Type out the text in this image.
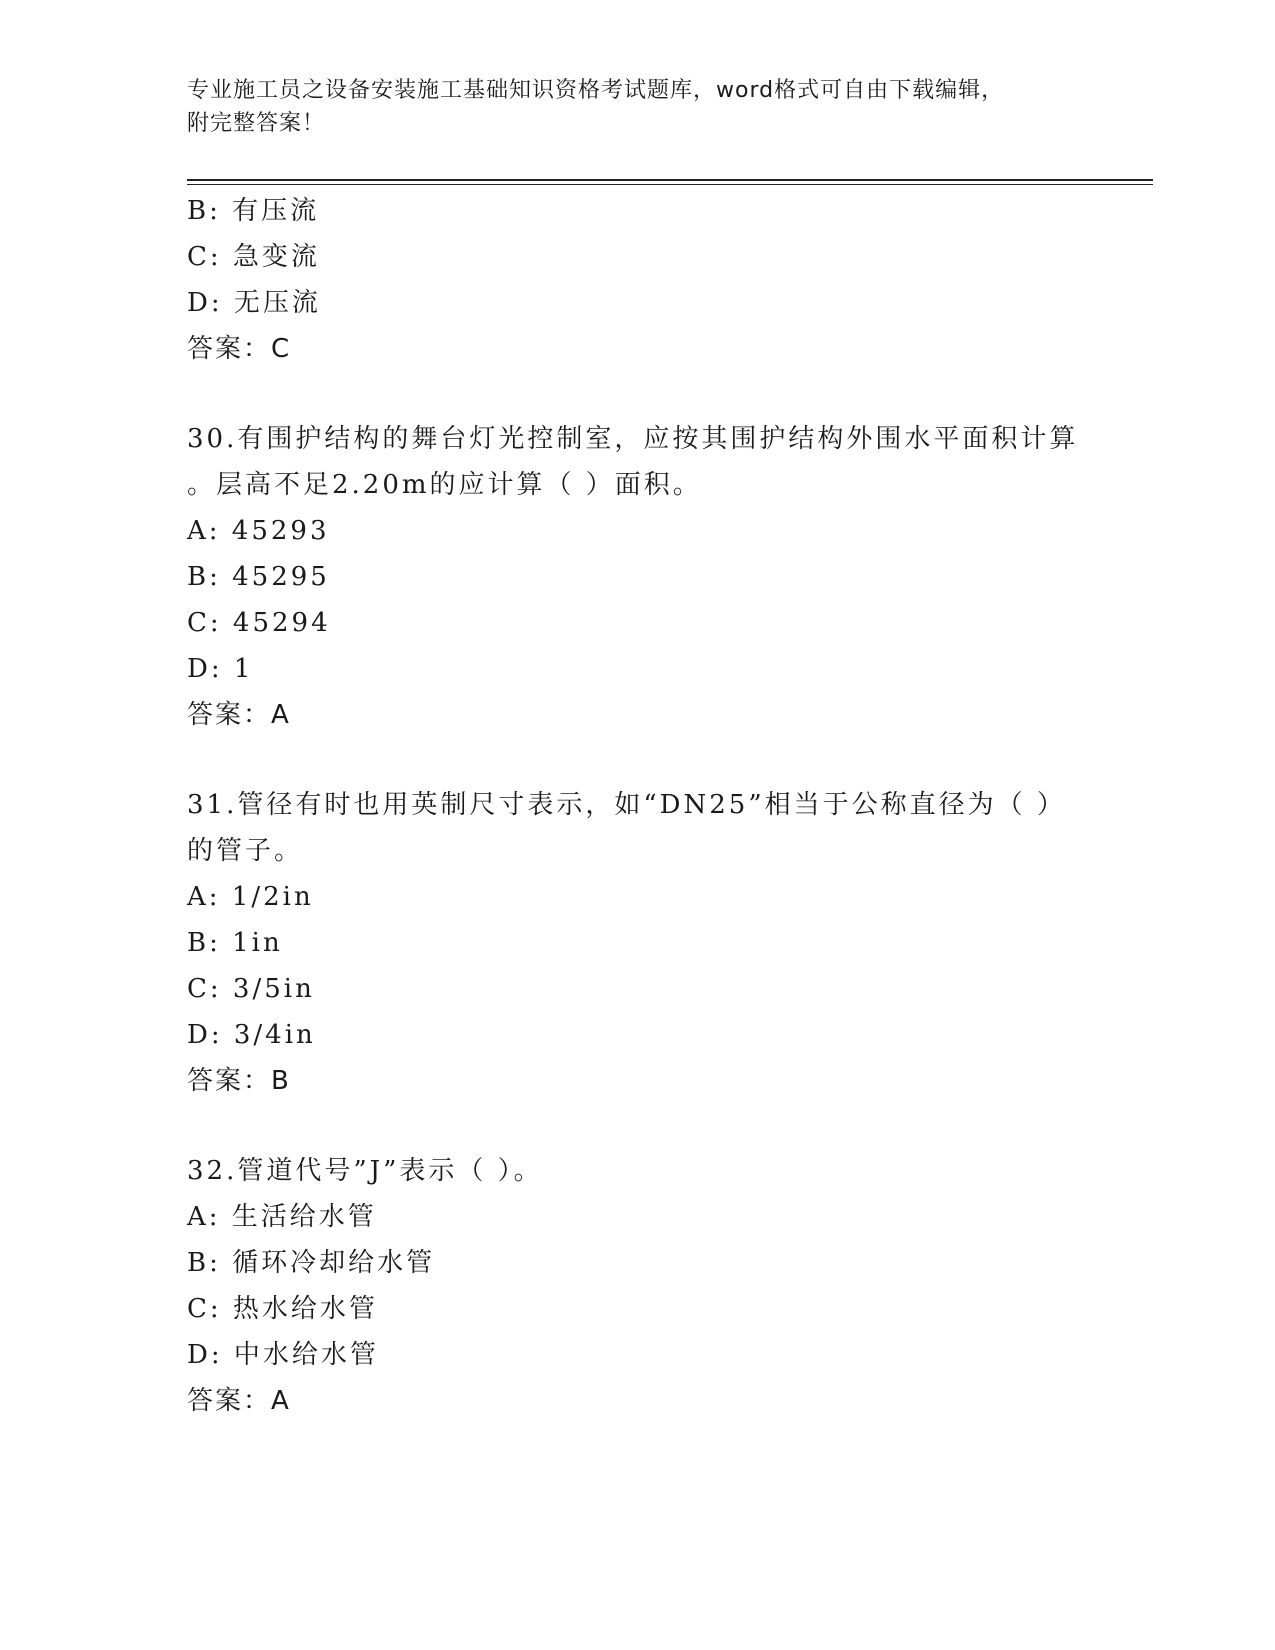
专业施工员之设备安装施工基础知识资格考试题库，word格式可自由下载编辑，
附完整答案！
B: 有压流
C: 急变流
D: 无压流
答案：C
30.有围护结构的舞台灯光控制室，应按其围护结构外围水平面积计算
。层高不足2.20m的应计算（ ）面积。
A: 45293
B: 45295
C: 45294
D: 1
答案：A
31.管径有时也用英制尺寸表示，如“DN25”相当于公称直径为（ ）
的管子。
A: 1/2in
B: 1in
C: 3/5in
D: 3/4in
答案：B
32.管道代号”J”表示（ ）。
A: 生活给水管
B: 循环冷却给水管
C: 热水给水管
D: 中水给水管
答案：A
